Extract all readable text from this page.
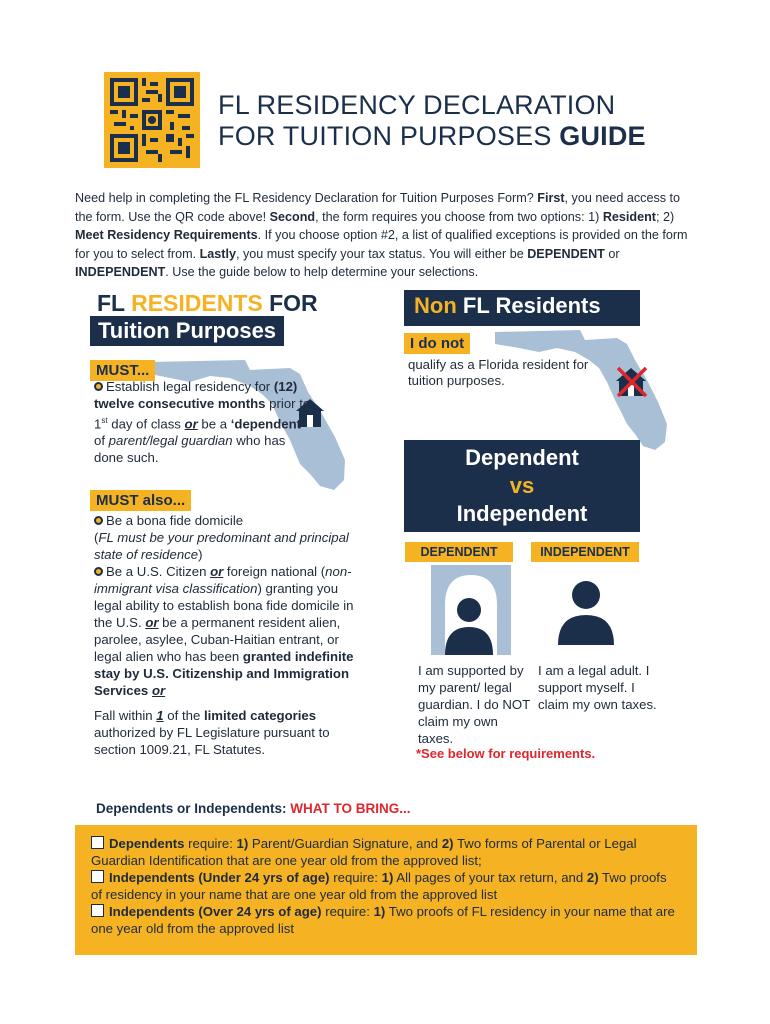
FL RESIDENCY DECLARATION
FOR TUITION PURPOSES GUIDE

Need help in completing the FL Residency Declaration for Tuition Purposes Form? First, you need access to the form. Use the QR code above! Second, the form requires you choose from two options: 1) Resident; 2) Meet Residency Requirements. If you choose option #2, a list of qualified exceptions is provided on the form for you to select from. Lastly, you must specify your tax status. You will either be DEPENDENT or INDEPENDENT. Use the guide below to help determine your selections.

FL RESIDENTS FOR
Tuition Purposes
MUST...

Establish legal residency for (12) twelve consecutive months prior to 1st day of class or be a ‘dependent’ of parent/legal guardian who has done such.

MUST also...

Be a bona fide domicile
(FL must be your predominant and principal state of residence)

Be a U.S. Citizen or foreign national (non-immigrant visa classification) granting you legal ability to establish bona fide domicile in the U.S. or be a permanent resident alien, parolee, asylee, Cuban-Haitian entrant, or legal alien who has been granted indefinite stay by U.S. Citizenship and Immigration Services or

Fall within 1 of the limited categories authorized by FL Legislature pursuant to section 1009.21, FL Statutes.

Non FL Residents
I do not

qualify as a Florida resident for tuition purposes.

Dependent
vs
Independent
DEPENDENT	INDEPENDENT

I am supported by my parent/ legal guardian. I do NOT claim my own taxes.

I am a legal adult. I support myself. I claim my own taxes.

*See below for requirements.
Dependents or Independents: WHAT TO BRING...

Dependents require: 1) Parent/Guardian Signature, and 2) Two forms of Parental or Legal Guardian Identification that are one year old from the approved list;

Independents (Under 24 yrs of age) require: 1) All pages of your tax return, and 2) Two proofs of residency in your name that are one year old from the approved list

Independents (Over 24 yrs of age) require: 1) Two proofs of FL residency in your name that are one year old from the approved list
